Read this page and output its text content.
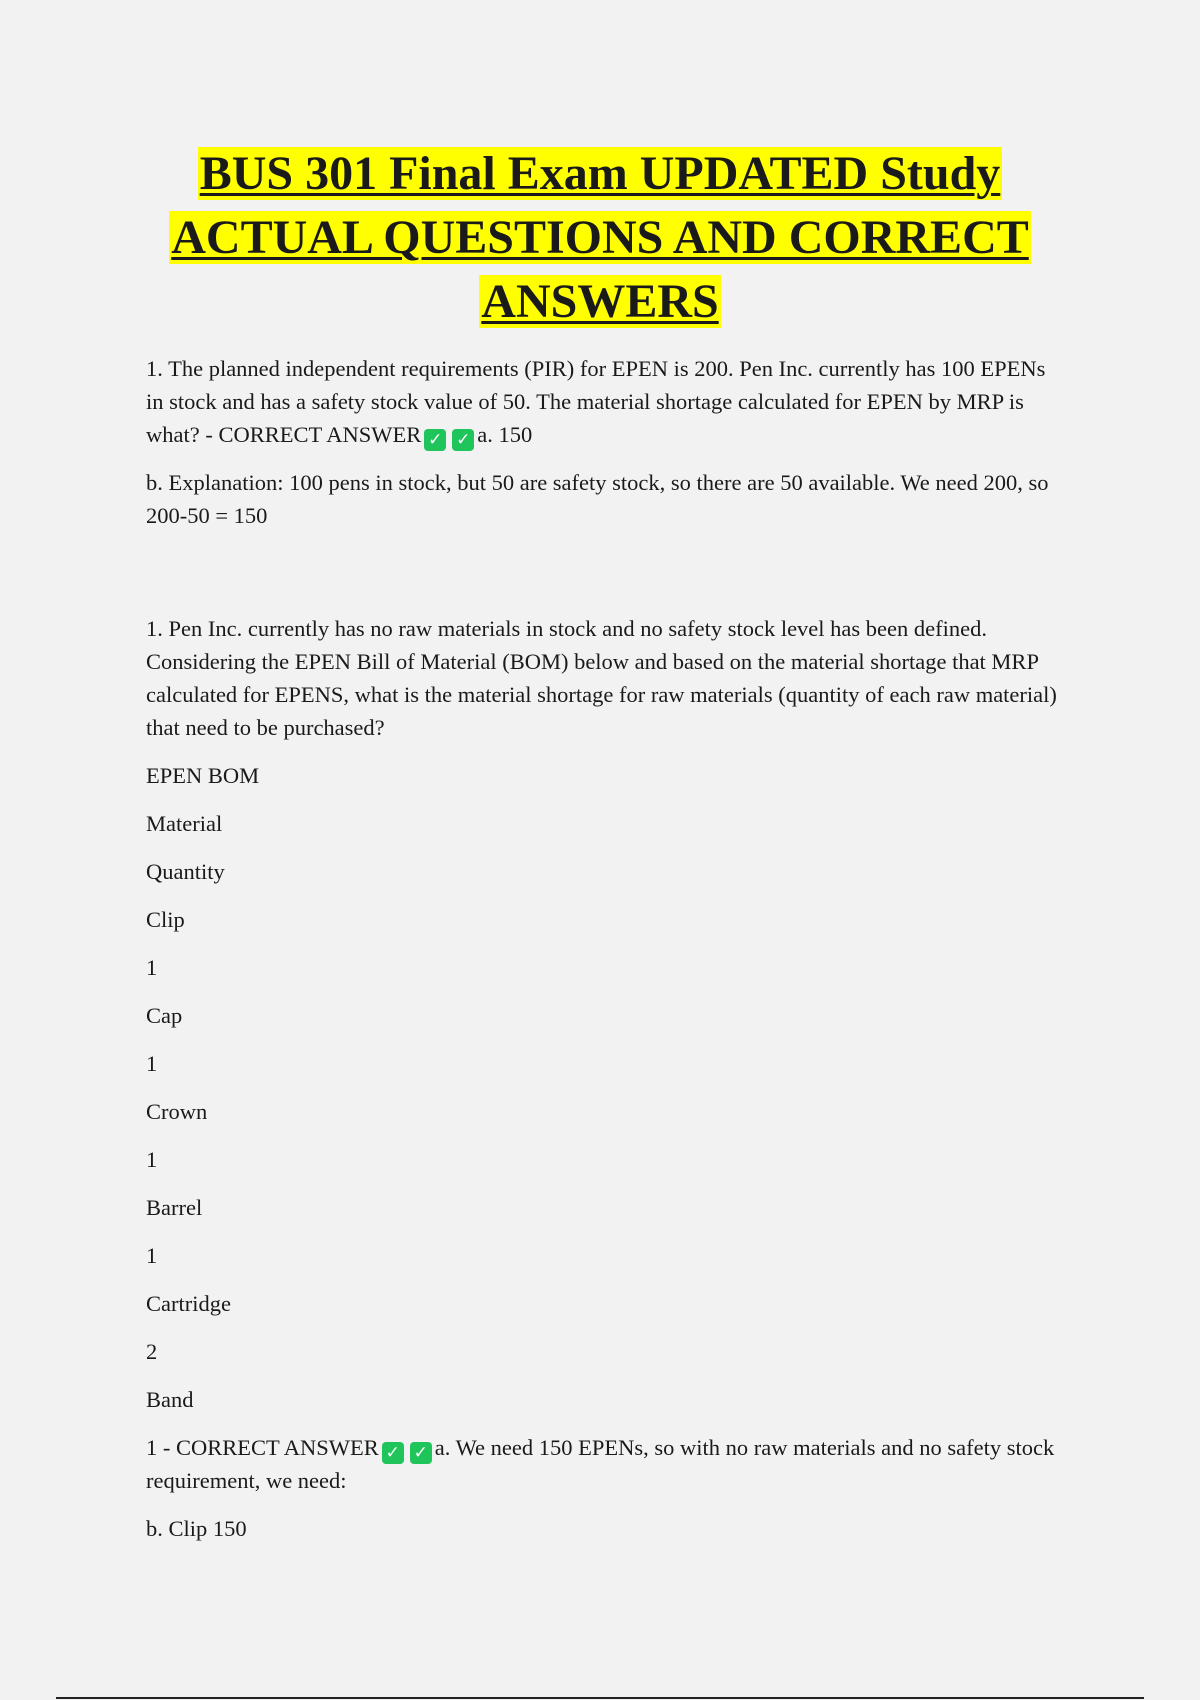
BUS 301 Final Exam UPDATED Study
ACTUAL QUESTIONS AND CORRECT
ANSWERS

1. The planned independent requirements (PIR) for EPEN is 200. Pen Inc. currently has 100 EPENs in stock and has a safety stock value of 50. The material shortage calculated for EPEN by MRP is what? - CORRECT ANSWER ✓ ✓ a. 150

b. Explanation: 100 pens in stock, but 50 are safety stock, so there are 50 available. We need 200, so 200-50 = 150

1. Pen Inc. currently has no raw materials in stock and no safety stock level has been defined. Considering the EPEN Bill of Material (BOM) below and based on the material shortage that MRP calculated for EPENS, what is the material shortage for raw materials (quantity of each raw material) that need to be purchased?

EPEN BOM

Material

Quantity

Clip

1

Cap

1

Crown

1

Barrel

1

Cartridge

2

Band

1 - CORRECT ANSWER ✓ ✓ a. We need 150 EPENs, so with no raw materials and no safety stock requirement, we need:

b. Clip 150
